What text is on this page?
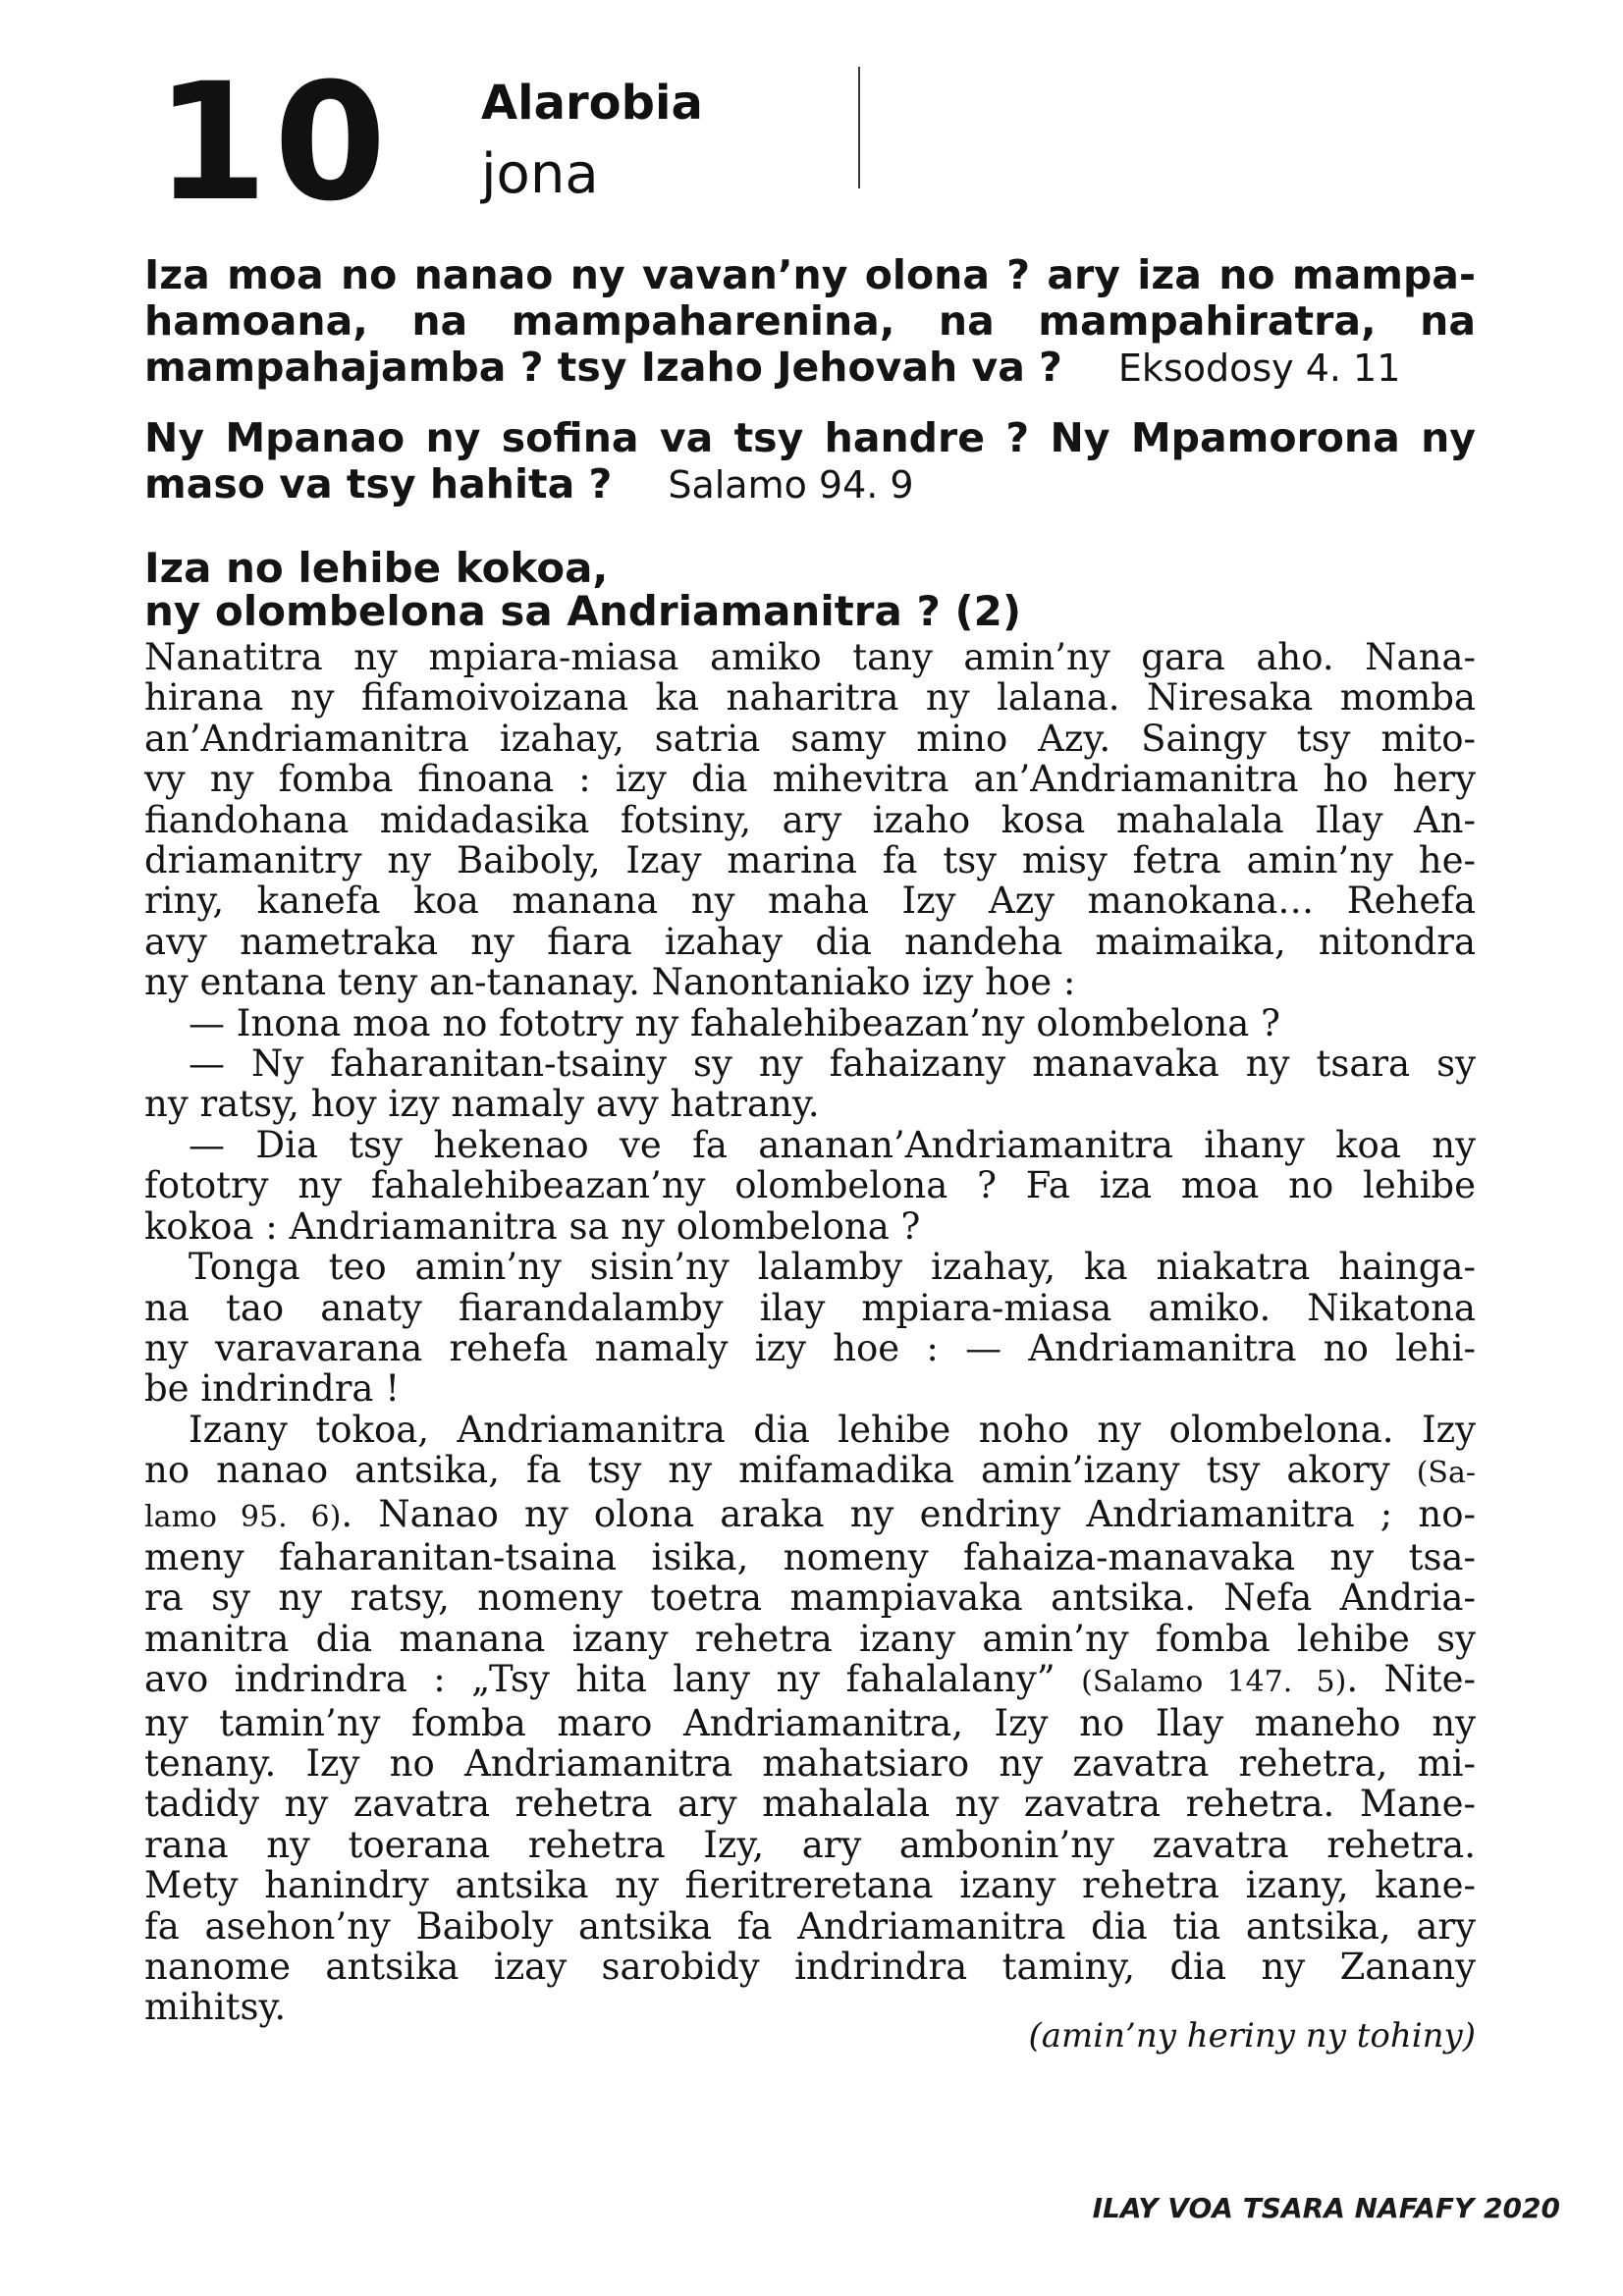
10 Alarobia
jona
Iza moa no nanao ny vavan’ny olona ? ary iza no mampa-
hamoana, na mampaharenina, na mampahiratra, na
mampahajamba ? tsy Izaho Jehovah va ? Eksodosy 4. 11
Ny Mpanao ny sofina va tsy handre ? Ny Mpamorona ny
maso va tsy hahita ? Salamo 94. 9
Iza no lehibe kokoa,
ny olombelona sa Andriamanitra ? (2)
Nanatitra ny mpiara-miasa amiko tany amin’ny gara aho. Nana-
hirana ny fifamoivoizana ka naharitra ny lalana. Niresaka momba
an’Andriamanitra izahay, satria samy mino Azy. Saingy tsy mito-
vy ny fomba finoana : izy dia mihevitra an’Andriamanitra ho hery
fiandohana midadasika fotsiny, ary izaho kosa mahalala Ilay An-
driamanitry ny Baiboly, Izay marina fa tsy misy fetra amin’ny he-
riny, kanefa koa manana ny maha Izy Azy manokana… Rehefa
avy nametraka ny fiara izahay dia nandeha maimaika, nitondra
ny entana teny an-tananay. Nanontaniako izy hoe :
— Inona moa no fototry ny fahalehibeazan’ny olombelona ?
— Ny faharanitan-tsainy sy ny fahaizany manavaka ny tsara sy
ny ratsy, hoy izy namaly avy hatrany.
— Dia tsy hekenao ve fa ananan’Andriamanitra ihany koa ny
fototry ny fahalehibeazan’ny olombelona ? Fa iza moa no lehibe
kokoa : Andriamanitra sa ny olombelona ?
Tonga teo amin’ny sisin’ny lalamby izahay, ka niakatra hainga-
na tao anaty fiarandalamby ilay mpiara-miasa amiko. Nikatona
ny varavarana rehefa namaly izy hoe : — Andriamanitra no lehi-
be indrindra !
Izany tokoa, Andriamanitra dia lehibe noho ny olombelona. Izy
no nanao antsika, fa tsy ny mifamadika amin’izany tsy akory (Sa-
lamo 95. 6). Nanao ny olona araka ny endriny Andriamanitra ; no-
meny faharanitan-tsaina isika, nomeny fahaiza-manavaka ny tsa-
ra sy ny ratsy, nomeny toetra mampiavaka antsika. Nefa Andria-
manitra dia manana izany rehetra izany amin’ny fomba lehibe sy
avo indrindra : „Tsy hita lany ny fahalalany” (Salamo 147. 5). Nite-
ny tamin’ny fomba maro Andriamanitra, Izy no Ilay maneho ny
tenany. Izy no Andriamanitra mahatsiaro ny zavatra rehetra, mi-
tadidy ny zavatra rehetra ary mahalala ny zavatra rehetra. Mane-
rana ny toerana rehetra Izy, ary ambonin’ny zavatra rehetra.
Mety hanindry antsika ny fieritreretana izany rehetra izany, kane-
fa asehon’ny Baiboly antsika fa Andriamanitra dia tia antsika, ary
nanome antsika izay sarobidy indrindra taminy, dia ny Zanany
mihitsy.
(amin’ny heriny ny tohiny)
ILAY VOA TSARA NAFAFY 2020
